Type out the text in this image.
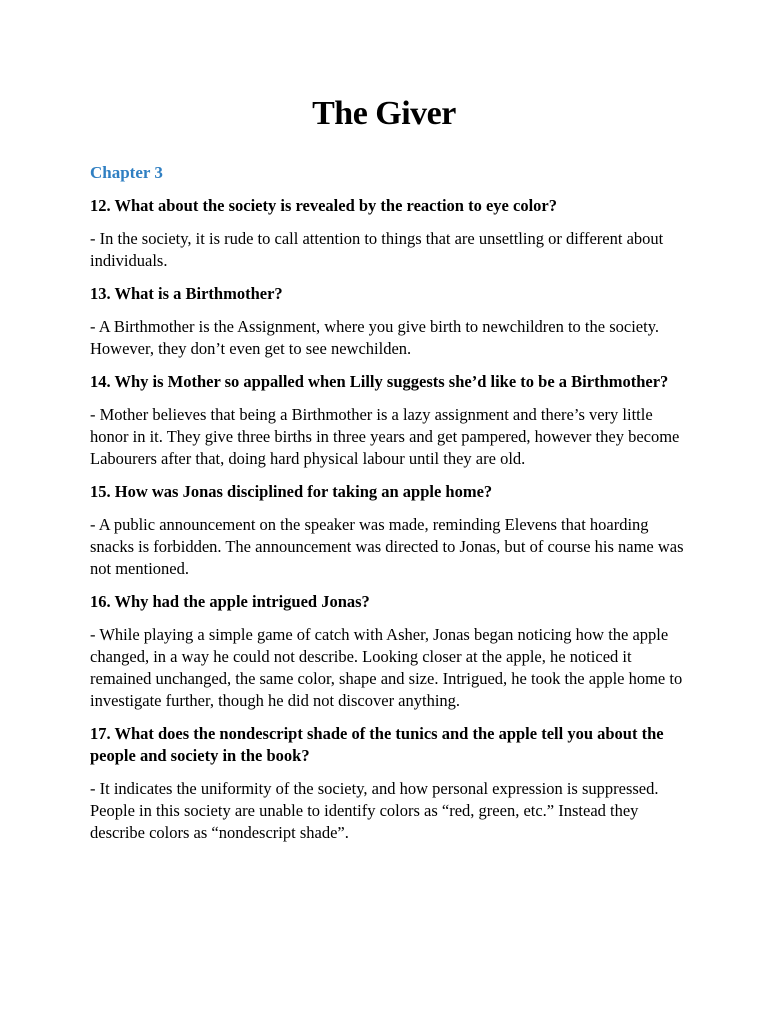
The Giver

Chapter 3

12. What about the society is revealed by the reaction to eye color?

- In the society, it is rude to call attention to things that are unsettling or different about individuals.

13. What is a Birthmother?

- A Birthmother is the Assignment, where you give birth to newchildren to the society. However, they don’t even get to see newchilden.

14. Why is Mother so appalled when Lilly suggests she’d like to be a Birthmother?

- Mother believes that being a Birthmother is a lazy assignment and there’s very little honor in it. They give three births in three years and get pampered, however they become Labourers after that, doing hard physical labour until they are old.

15. How was Jonas disciplined for taking an apple home?

- A public announcement on the speaker was made, reminding Elevens that hoarding snacks is forbidden. The announcement was directed to Jonas, but of course his name was not mentioned.

16. Why had the apple intrigued Jonas?

- While playing a simple game of catch with Asher, Jonas began noticing how the apple changed, in a way he could not describe. Looking closer at the apple, he noticed it remained unchanged, the same color, shape and size. Intrigued, he took the apple home to investigate further, though he did not discover anything.

17. What does the nondescript shade of the tunics and the apple tell you about the people and society in the book?

- It indicates the uniformity of the society, and how personal expression is suppressed. People in this society are unable to identify colors as “red, green, etc.” Instead they describe colors as “nondescript shade”.
